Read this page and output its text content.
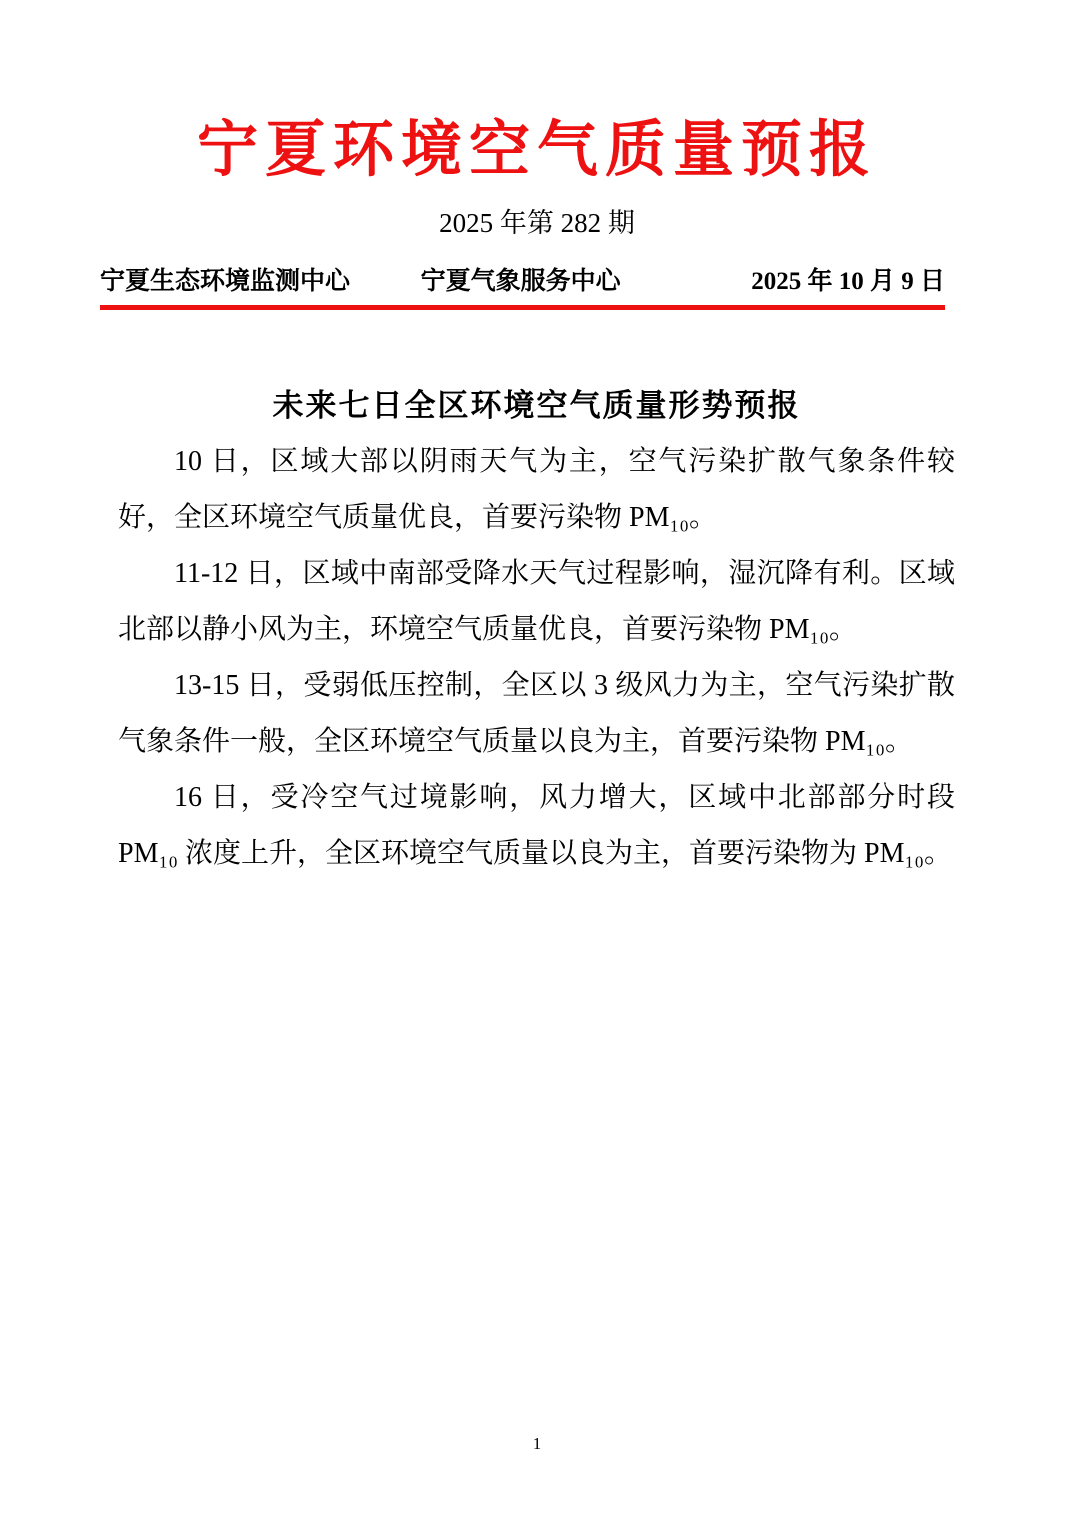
宁夏环境空气质量预报
2025 年第 282 期
宁夏生态环境监测中心	宁夏气象服务中心	2025 年 10 月 9 日
未来七日全区环境空气质量形势预报

10 日，区域大部以阴雨天气为主，空气污染扩散气象条件较好，全区环境空气质量优良，首要污染物 PM₁₀。

11-12 日，区域中南部受降水天气过程影响，湿沉降有利。区域北部以静小风为主，环境空气质量优良，首要污染物 PM₁₀。

13-15 日，受弱低压控制，全区以 3 级风力为主，空气污染扩散气象条件一般，全区环境空气质量以良为主，首要污染物 PM₁₀。

16 日，受冷空气过境影响，风力增大，区域中北部部分时段 PM₁₀ 浓度上升，全区环境空气质量以良为主，首要污染物为 PM₁₀。

1
